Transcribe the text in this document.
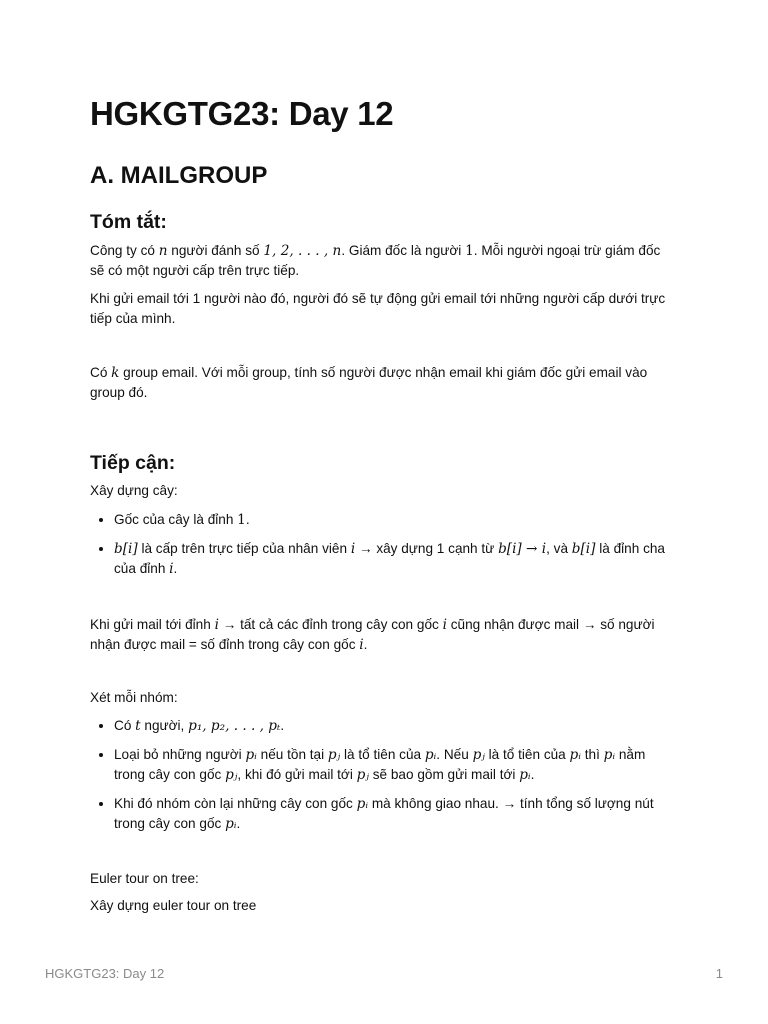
HGKGTG23: Day 12
A. MAILGROUP
Tóm tắt:

Công ty có n người đánh số 1, 2, . . . , n. Giám đốc là người 1. Mỗi người ngoại trừ giám đốc sẽ có một người cấp trên trực tiếp.

Khi gửi email tới 1 người nào đó, người đó sẽ tự động gửi email tới những người cấp dưới trực tiếp của mình.

Có k group email. Với mỗi group, tính số người được nhận email khi giám đốc gửi email vào group đó.

Tiếp cận:

Xây dựng cây:

• Gốc của cây là đỉnh 1.
• b[i] là cấp trên trực tiếp của nhân viên i → xây dựng 1 cạnh từ b[i] → i, và b[i] là đỉnh cha của đỉnh i.

Khi gửi mail tới đỉnh i → tất cả các đỉnh trong cây con gốc i cũng nhận được mail → số người nhận được mail = số đỉnh trong cây con gốc i.

Xét mỗi nhóm:

• Có t người, p₁, p₂, . . . , pₜ.
• Loại bỏ những người pᵢ nếu tồn tại pⱼ là tổ tiên của pᵢ. Nếu pⱼ là tổ tiên của pᵢ thì pᵢ nằm trong cây con gốc pⱼ, khi đó gửi mail tới pⱼ sẽ bao gồm gửi mail tới pᵢ.
• Khi đó nhóm còn lại những cây con gốc pᵢ mà không giao nhau. → tính tổng số lượng nút trong cây con gốc pᵢ.

Euler tour on tree:

Xây dựng euler tour on tree

HGKGTG23: Day 12	1
